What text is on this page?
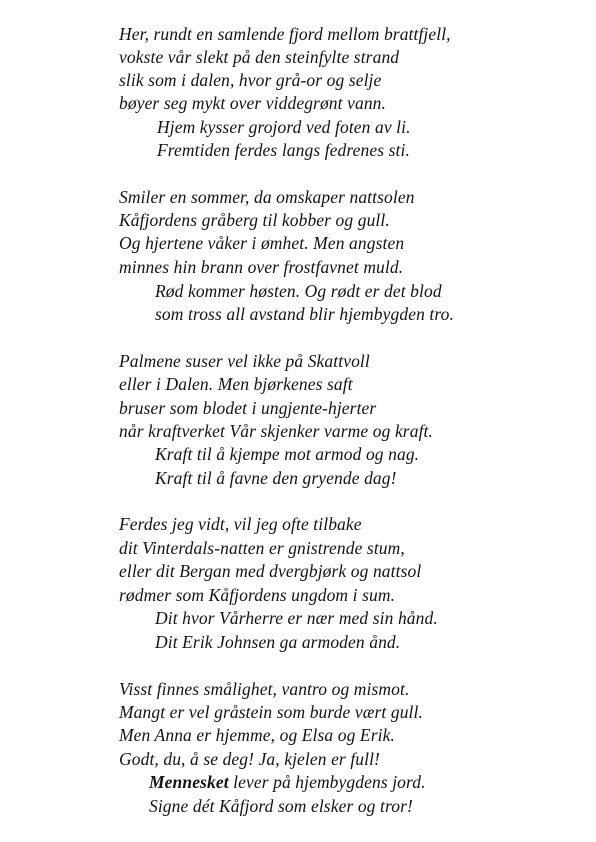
Her, rundt en samlende fjord mellom brattfjell,
vokste vår slekt på den steinfylte strand
slik som i dalen, hvor grå-or og selje
bøyer seg mykt over viddegrønt vann.
Hjem kysser grojord ved foten av li.
Fremtiden ferdes langs fedrenes sti.
Smiler en sommer, da omskaper nattsolen
Kåfjordens gråberg til kobber og gull.
Og hjertene våker i ømhet. Men angsten
minnes hin brann over frostfavnet muld.
Rød kommer høsten. Og rødt er det blod
som tross all avstand blir hjembygden tro.
Palmene suser vel ikke på Skattvoll
eller i Dalen. Men bjørkenes saft
bruser som blodet i ungjente-hjerter
når kraftverket Vår skjenker varme og kraft.
Kraft til å kjempe mot armod og nag.
Kraft til å favne den gryende dag!
Ferdes jeg vidt, vil jeg ofte tilbake
dit Vinterdals-natten er gnistrende stum,
eller dit Bergan med dvergbjørk og nattsol
rødmer som Kåfjordens ungdom i sum.
Dit hvor Vårherre er nær med sin hånd.
Dit Erik Johnsen ga armoden ånd.
Visst finnes smålighet, vantro og mismot.
Mangt er vel gråstein som burde vært gull.
Men Anna er hjemme, og Elsa og Erik.
Godt, du, å se deg! Ja, kjelen er full!
Mennesket lever på hjembygdens jord.
Signe dét Kåfjord som elsker og tror!
